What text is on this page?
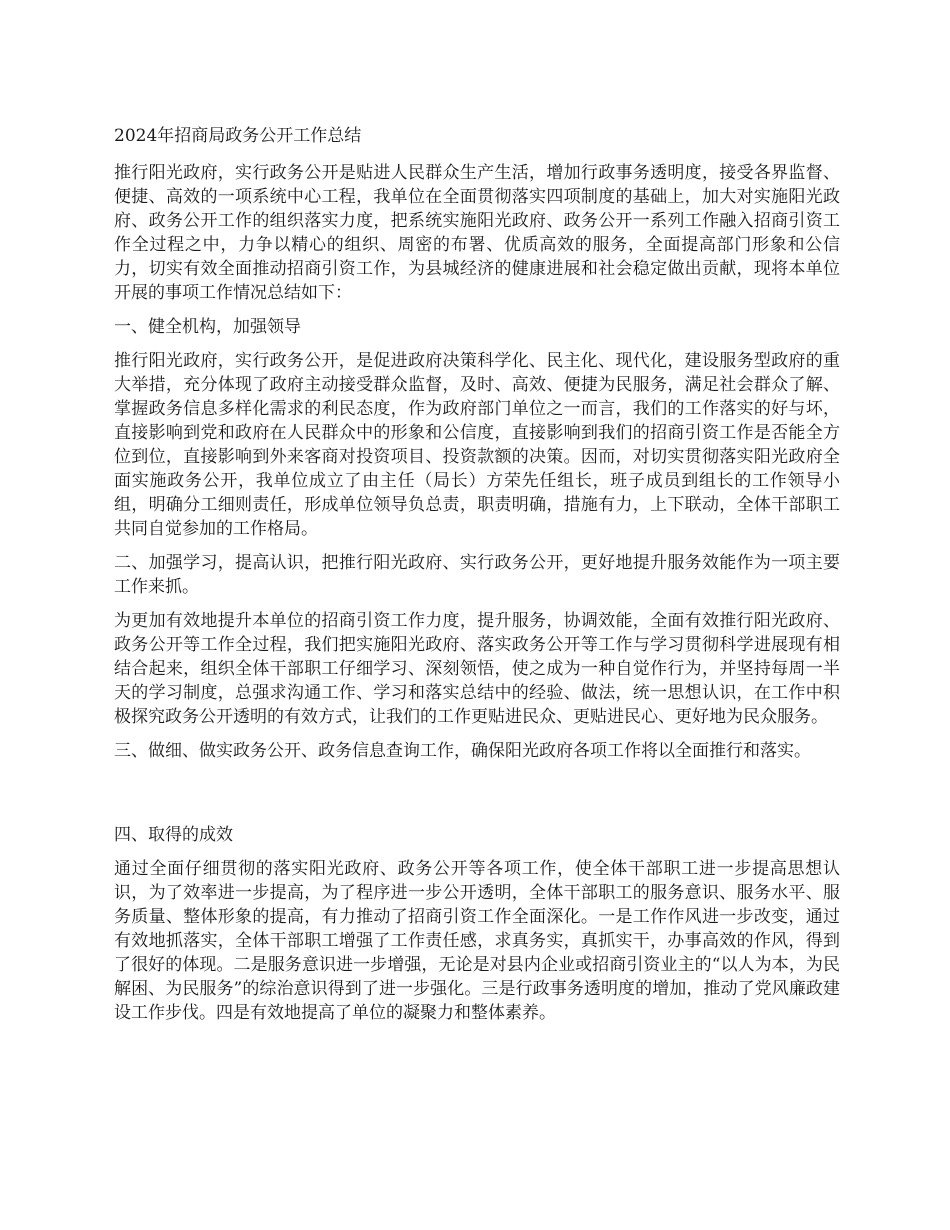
2024年招商局政务公开工作总结
推行阳光政府，实行政务公开是贴进人民群众生产生活，增加行政事务透明度，接受各界监督、便捷、高效的一项系统中心工程，我单位在全面贯彻落实四项制度的基础上，加大对实施阳光政府、政务公开工作的组织落实力度，把系统实施阳光政府、政务公开一系列工作融入招商引资工作全过程之中，力争以精心的组织、周密的布署、优质高效的服务，全面提高部门形象和公信力，切实有效全面推动招商引资工作，为县城经济的健康进展和社会稳定做出贡献，现将本单位开展的事项工作情况总结如下：
一、健全机构，加强领导
推行阳光政府，实行政务公开，是促进政府决策科学化、民主化、现代化，建设服务型政府的重大举措，充分体现了政府主动接受群众监督，及时、高效、便捷为民服务，满足社会群众了解、掌握政务信息多样化需求的利民态度，作为政府部门单位之一而言，我们的工作落实的好与坏，直接影响到党和政府在人民群众中的形象和公信度，直接影响到我们的招商引资工作是否能全方位到位，直接影响到外来客商对投资项目、投资款额的决策。因而，对切实贯彻落实阳光政府全面实施政务公开，我单位成立了由主任（局长）方荣先任组长，班子成员到组长的工作领导小组，明确分工细则责任，形成单位领导负总责，职责明确，措施有力，上下联动，全体干部职工共同自觉参加的工作格局。
二、加强学习，提高认识，把推行阳光政府、实行政务公开，更好地提升服务效能作为一项主要工作来抓。
为更加有效地提升本单位的招商引资工作力度，提升服务，协调效能，全面有效推行阳光政府、政务公开等工作全过程，我们把实施阳光政府、落实政务公开等工作与学习贯彻科学进展现有相结合起来，组织全体干部职工仔细学习、深刻领悟，使之成为一种自觉作行为，并坚持每周一半天的学习制度，总强求沟通工作、学习和落实总结中的经验、做法，统一思想认识，在工作中积极探究政务公开透明的有效方式，让我们的工作更贴进民众、更贴进民心、更好地为民众服务。
三、做细、做实政务公开、政务信息查询工作，确保阳光政府各项工作将以全面推行和落实。
四、取得的成效
通过全面仔细贯彻的落实阳光政府、政务公开等各项工作，使全体干部职工进一步提高思想认识，为了效率进一步提高，为了程序进一步公开透明，全体干部职工的服务意识、服务水平、服务质量、整体形象的提高，有力推动了招商引资工作全面深化。一是工作作风进一步改变，通过有效地抓落实，全体干部职工增强了工作责任感，求真务实，真抓实干，办事高效的作风，得到了很好的体现。二是服务意识进一步增强，无论是对县内企业或招商引资业主的“以人为本，为民解困、为民服务”的综治意识得到了进一步强化。三是行政事务透明度的增加，推动了党风廉政建设工作步伐。四是有效地提高了单位的凝聚力和整体素养。
